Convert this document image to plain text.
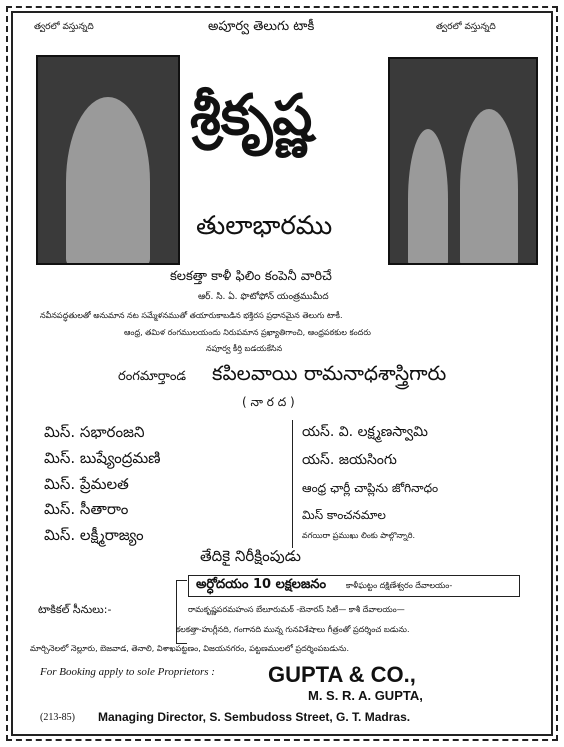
త్వరలో వస్తున్నది	అపూర్వ తెలుగు టాకీ	త్వరలో వస్తున్నది
శ్రీకృష్ణ
తులాభారము
కలకత్తా కాళీ ఫిలిం కంపెనీ వారిచే
ఆర్. సి. ఏ. ఫొటోఫోన్ యంత్రముమీద
నవీనపద్ధతులతో అనుమాన నట సమ్మేళనముతో తయారుకాబడిన భక్తిరస ప్రధానమైన తెలుగు టాకీ.
ఆంధ్ర, తమిళ రంగములయందు నిరుపమాన ప్రఖ్యాతిగాంచి, ఆంధ్రపఠకుల కందరు
నపూర్వ కీర్తి బడయకేసిన
రంగమార్తాండ కపిలవాయి రామనాధశాస్త్రిగారు
( నా ర ద )
మిస్. సభారంజని
మిస్. బుష్యేంద్రమణి
మిస్. ప్రేమలత
మిస్. సీతారాం
మిస్. లక్ష్మీరాజ్యం
యస్. వి. లక్ష్మణస్వామి
యస్. జయసింగు
ఆంధ్ర ఛార్లీ చాప్లిను జోగినాధం
మిస్ కాంచనమాల
వగయిరా ప్రముఖు లింకు పాల్గొన్నారి.
తేదికై నిరీక్షింపుడు
టాకికల్ సీనులు:-
అర్ధోదయం 10 లక్షలజనం కాళీఘట్టం దక్షిణేశ్వరం దేవాలయం-
రామకృష్ణపరమహంస బేలూరుమఠ్ -బెనారస్ సిటీ— కాశీ దేవాలయం—
కలకత్తా-హుగ్లీనది, గంగానది మున్న గునవిశేషాలు గీత్రంతో ప్రదర్శించ బడును.
మార్చినెలలో నెల్లూరు, బెజవాడ, తెనాలి, విశాఖపట్టణం, విజయనగరం, పట్టణములలో ప్రదర్శింపబడును.
For Booking apply to sole Proprietors : GUPTA & CO.,
M. S. R. A. GUPTA,
(213-85) Managing Director, S. Sembudoss Street, G. T. Madras.
